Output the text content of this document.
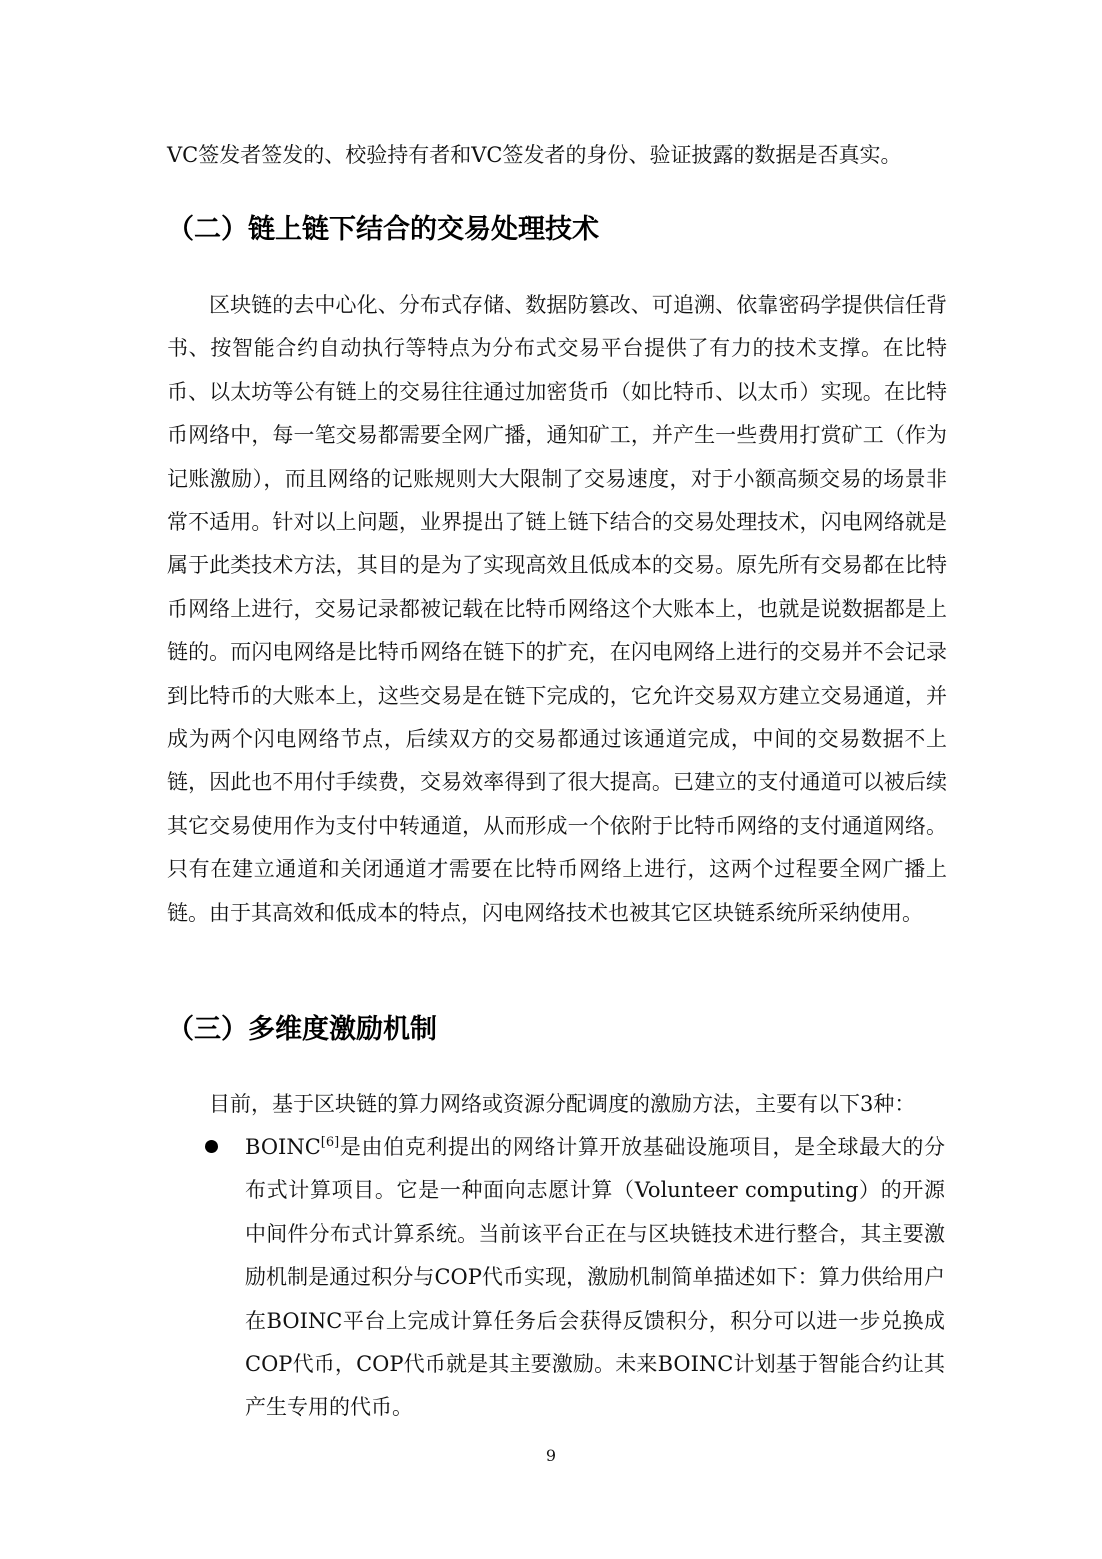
VC签发者签发的、校验持有者和VC签发者的身份、验证披露的数据是否真实。

（二）链上链下结合的交易处理技术

区块链的去中心化、分布式存储、数据防篡改、可追溯、依靠密码学提供信任背书、按智能合约自动执行等特点为分布式交易平台提供了有力的技术支撑。在比特币、以太坊等公有链上的交易往往通过加密货币（如比特币、以太币）实现。在比特币网络中，每一笔交易都需要全网广播，通知矿工，并产生一些费用打赏矿工（作为记账激励），而且网络的记账规则大大限制了交易速度，对于小额高频交易的场景非常不适用。针对以上问题，业界提出了链上链下结合的交易处理技术，闪电网络就是属于此类技术方法，其目的是为了实现高效且低成本的交易。原先所有交易都在比特币网络上进行，交易记录都被记载在比特币网络这个大账本上，也就是说数据都是上链的。而闪电网络是比特币网络在链下的扩充，在闪电网络上进行的交易并不会记录到比特币的大账本上，这些交易是在链下完成的，它允许交易双方建立交易通道，并成为两个闪电网络节点，后续双方的交易都通过该通道完成，中间的交易数据不上链，因此也不用付手续费，交易效率得到了很大提高。已建立的支付通道可以被后续其它交易使用作为支付中转通道，从而形成一个依附于比特币网络的支付通道网络。只有在建立通道和关闭通道才需要在比特币网络上进行，这两个过程要全网广播上链。由于其高效和低成本的特点，闪电网络技术也被其它区块链系统所采纳使用。

（三）多维度激励机制

目前，基于区块链的算力网络或资源分配调度的激励方法，主要有以下3种：

BOINC[6]是由伯克利提出的网络计算开放基础设施项目，是全球最大的分布式计算项目。它是一种面向志愿计算（Volunteer computing）的开源中间件分布式计算系统。当前该平台正在与区块链技术进行整合，其主要激励机制是通过积分与COP代币实现，激励机制简单描述如下：算力供给用户在BOINC平台上完成计算任务后会获得反馈积分，积分可以进一步兑换成COP代币，COP代币就是其主要激励。未来BOINC计划基于智能合约让其产生专用的代币。

9
